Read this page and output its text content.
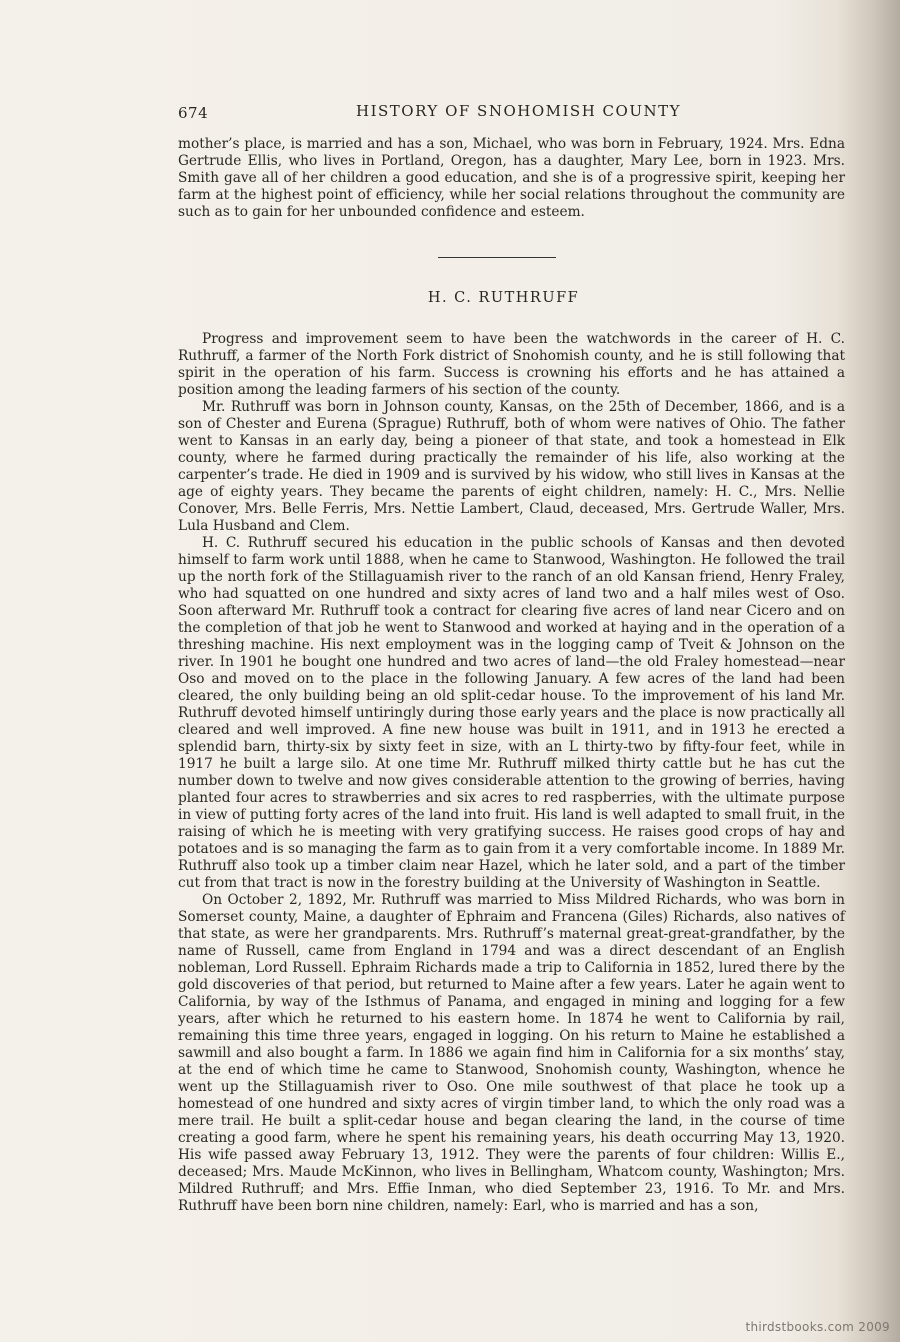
674	HISTORY OF SNOHOMISH COUNTY

mother’s place, is married and has a son, Michael, who was born in February, 1924. Mrs. Edna Gertrude Ellis, who lives in Portland, Oregon, has a daughter, Mary Lee, born in 1923. Mrs. Smith gave all of her children a good education, and she is of a progressive spirit, keeping her farm at the highest point of efficiency, while her social relations throughout the community are such as to gain for her unbounded confidence and esteem.

H. C. RUTHRUFF

Progress and improvement seem to have been the watchwords in the career of H. C. Ruthruff, a farmer of the North Fork district of Snohomish county, and he is still following that spirit in the operation of his farm. Success is crowning his efforts and he has attained a position among the leading farmers of his section of the county.

Mr. Ruthruff was born in Johnson county, Kansas, on the 25th of December, 1866, and is a son of Chester and Eurena (Sprague) Ruthruff, both of whom were natives of Ohio. The father went to Kansas in an early day, being a pioneer of that state, and took a homestead in Elk county, where he farmed during practically the remainder of his life, also working at the carpenter’s trade. He died in 1909 and is survived by his widow, who still lives in Kansas at the age of eighty years. They became the parents of eight children, namely: H. C., Mrs. Nellie Conover, Mrs. Belle Ferris, Mrs. Nettie Lambert, Claud, deceased, Mrs. Gertrude Waller, Mrs. Lula Husband and Clem.

H. C. Ruthruff secured his education in the public schools of Kansas and then devoted himself to farm work until 1888, when he came to Stanwood, Washington. He followed the trail up the north fork of the Stillaguamish river to the ranch of an old Kansan friend, Henry Fraley, who had squatted on one hundred and sixty acres of land two and a half miles west of Oso. Soon afterward Mr. Ruthruff took a contract for clearing five acres of land near Cicero and on the completion of that job he went to Stanwood and worked at haying and in the operation of a threshing machine. His next employment was in the logging camp of Tveit & Johnson on the river. In 1901 he bought one hundred and two acres of land—the old Fraley homestead—near Oso and moved on to the place in the following January. A few acres of the land had been cleared, the only building being an old split-cedar house. To the improvement of his land Mr. Ruthruff devoted himself untiringly during those early years and the place is now practically all cleared and well improved. A fine new house was built in 1911, and in 1913 he erected a splendid barn, thirty-six by sixty feet in size, with an L thirty-two by fifty-four feet, while in 1917 he built a large silo. At one time Mr. Ruthruff milked thirty cattle but he has cut the number down to twelve and now gives considerable attention to the growing of berries, having planted four acres to strawberries and six acres to red raspberries, with the ultimate purpose in view of putting forty acres of the land into fruit. His land is well adapted to small fruit, in the raising of which he is meeting with very gratifying success. He raises good crops of hay and potatoes and is so managing the farm as to gain from it a very comfortable income. In 1889 Mr. Ruthruff also took up a timber claim near Hazel, which he later sold, and a part of the timber cut from that tract is now in the forestry building at the University of Washington in Seattle.

On October 2, 1892, Mr. Ruthruff was married to Miss Mildred Richards, who was born in Somerset county, Maine, a daughter of Ephraim and Francena (Giles) Richards, also natives of that state, as were her grandparents. Mrs. Ruthruff’s maternal great-great-grandfather, by the name of Russell, came from England in 1794 and was a direct descendant of an English nobleman, Lord Russell. Ephraim Richards made a trip to California in 1852, lured there by the gold discoveries of that period, but returned to Maine after a few years. Later he again went to California, by way of the Isthmus of Panama, and engaged in mining and logging for a few years, after which he returned to his eastern home. In 1874 he went to California by rail, remaining this time three years, engaged in logging. On his return to Maine he established a sawmill and also bought a farm. In 1886 we again find him in California for a six months’ stay, at the end of which time he came to Stanwood, Snohomish county, Washington, whence he went up the Stillaguamish river to Oso. One mile southwest of that place he took up a homestead of one hundred and sixty acres of virgin timber land, to which the only road was a mere trail. He built a split-cedar house and began clearing the land, in the course of time creating a good farm, where he spent his remaining years, his death occurring May 13, 1920. His wife passed away February 13, 1912. They were the parents of four children: Willis E., deceased; Mrs. Maude McKinnon, who lives in Bellingham, Whatcom county, Washington; Mrs. Mildred Ruthruff; and Mrs. Effie Inman, who died September 23, 1916. To Mr. and Mrs. Ruthruff have been born nine children, namely: Earl, who is married and has a son,

thirdstbooks.com 2009
